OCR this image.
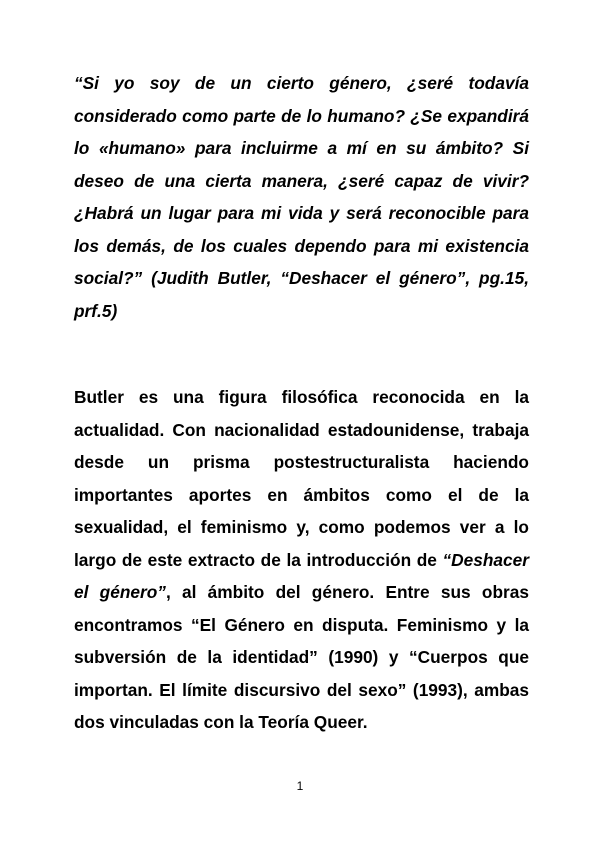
“Si yo soy de un cierto género, ¿seré todavía considerado como parte de lo humano? ¿Se expandirá lo «humano» para incluirme a mí en su ámbito? Si deseo de una cierta manera, ¿seré capaz de vivir? ¿Habrá un lugar para mi vida y será reconocible para los demás, de los cuales dependo para mi existencia social?” (Judith Butler, “Deshacer el género”, pg.15, prf.5)

Butler es una figura filosófica reconocida en la actualidad. Con nacionalidad estadounidense, trabaja desde un prisma postestructuralista haciendo importantes aportes en ámbitos como el de la sexualidad, el feminismo y, como podemos ver a lo largo de este extracto de la introducción de “Deshacer el género”, al ámbito del género. Entre sus obras encontramos “El Género en disputa. Feminismo y la subversión de la identidad” (1990) y “Cuerpos que importan. El límite discursivo del sexo” (1993), ambas dos vinculadas con la Teoría Queer.

1
